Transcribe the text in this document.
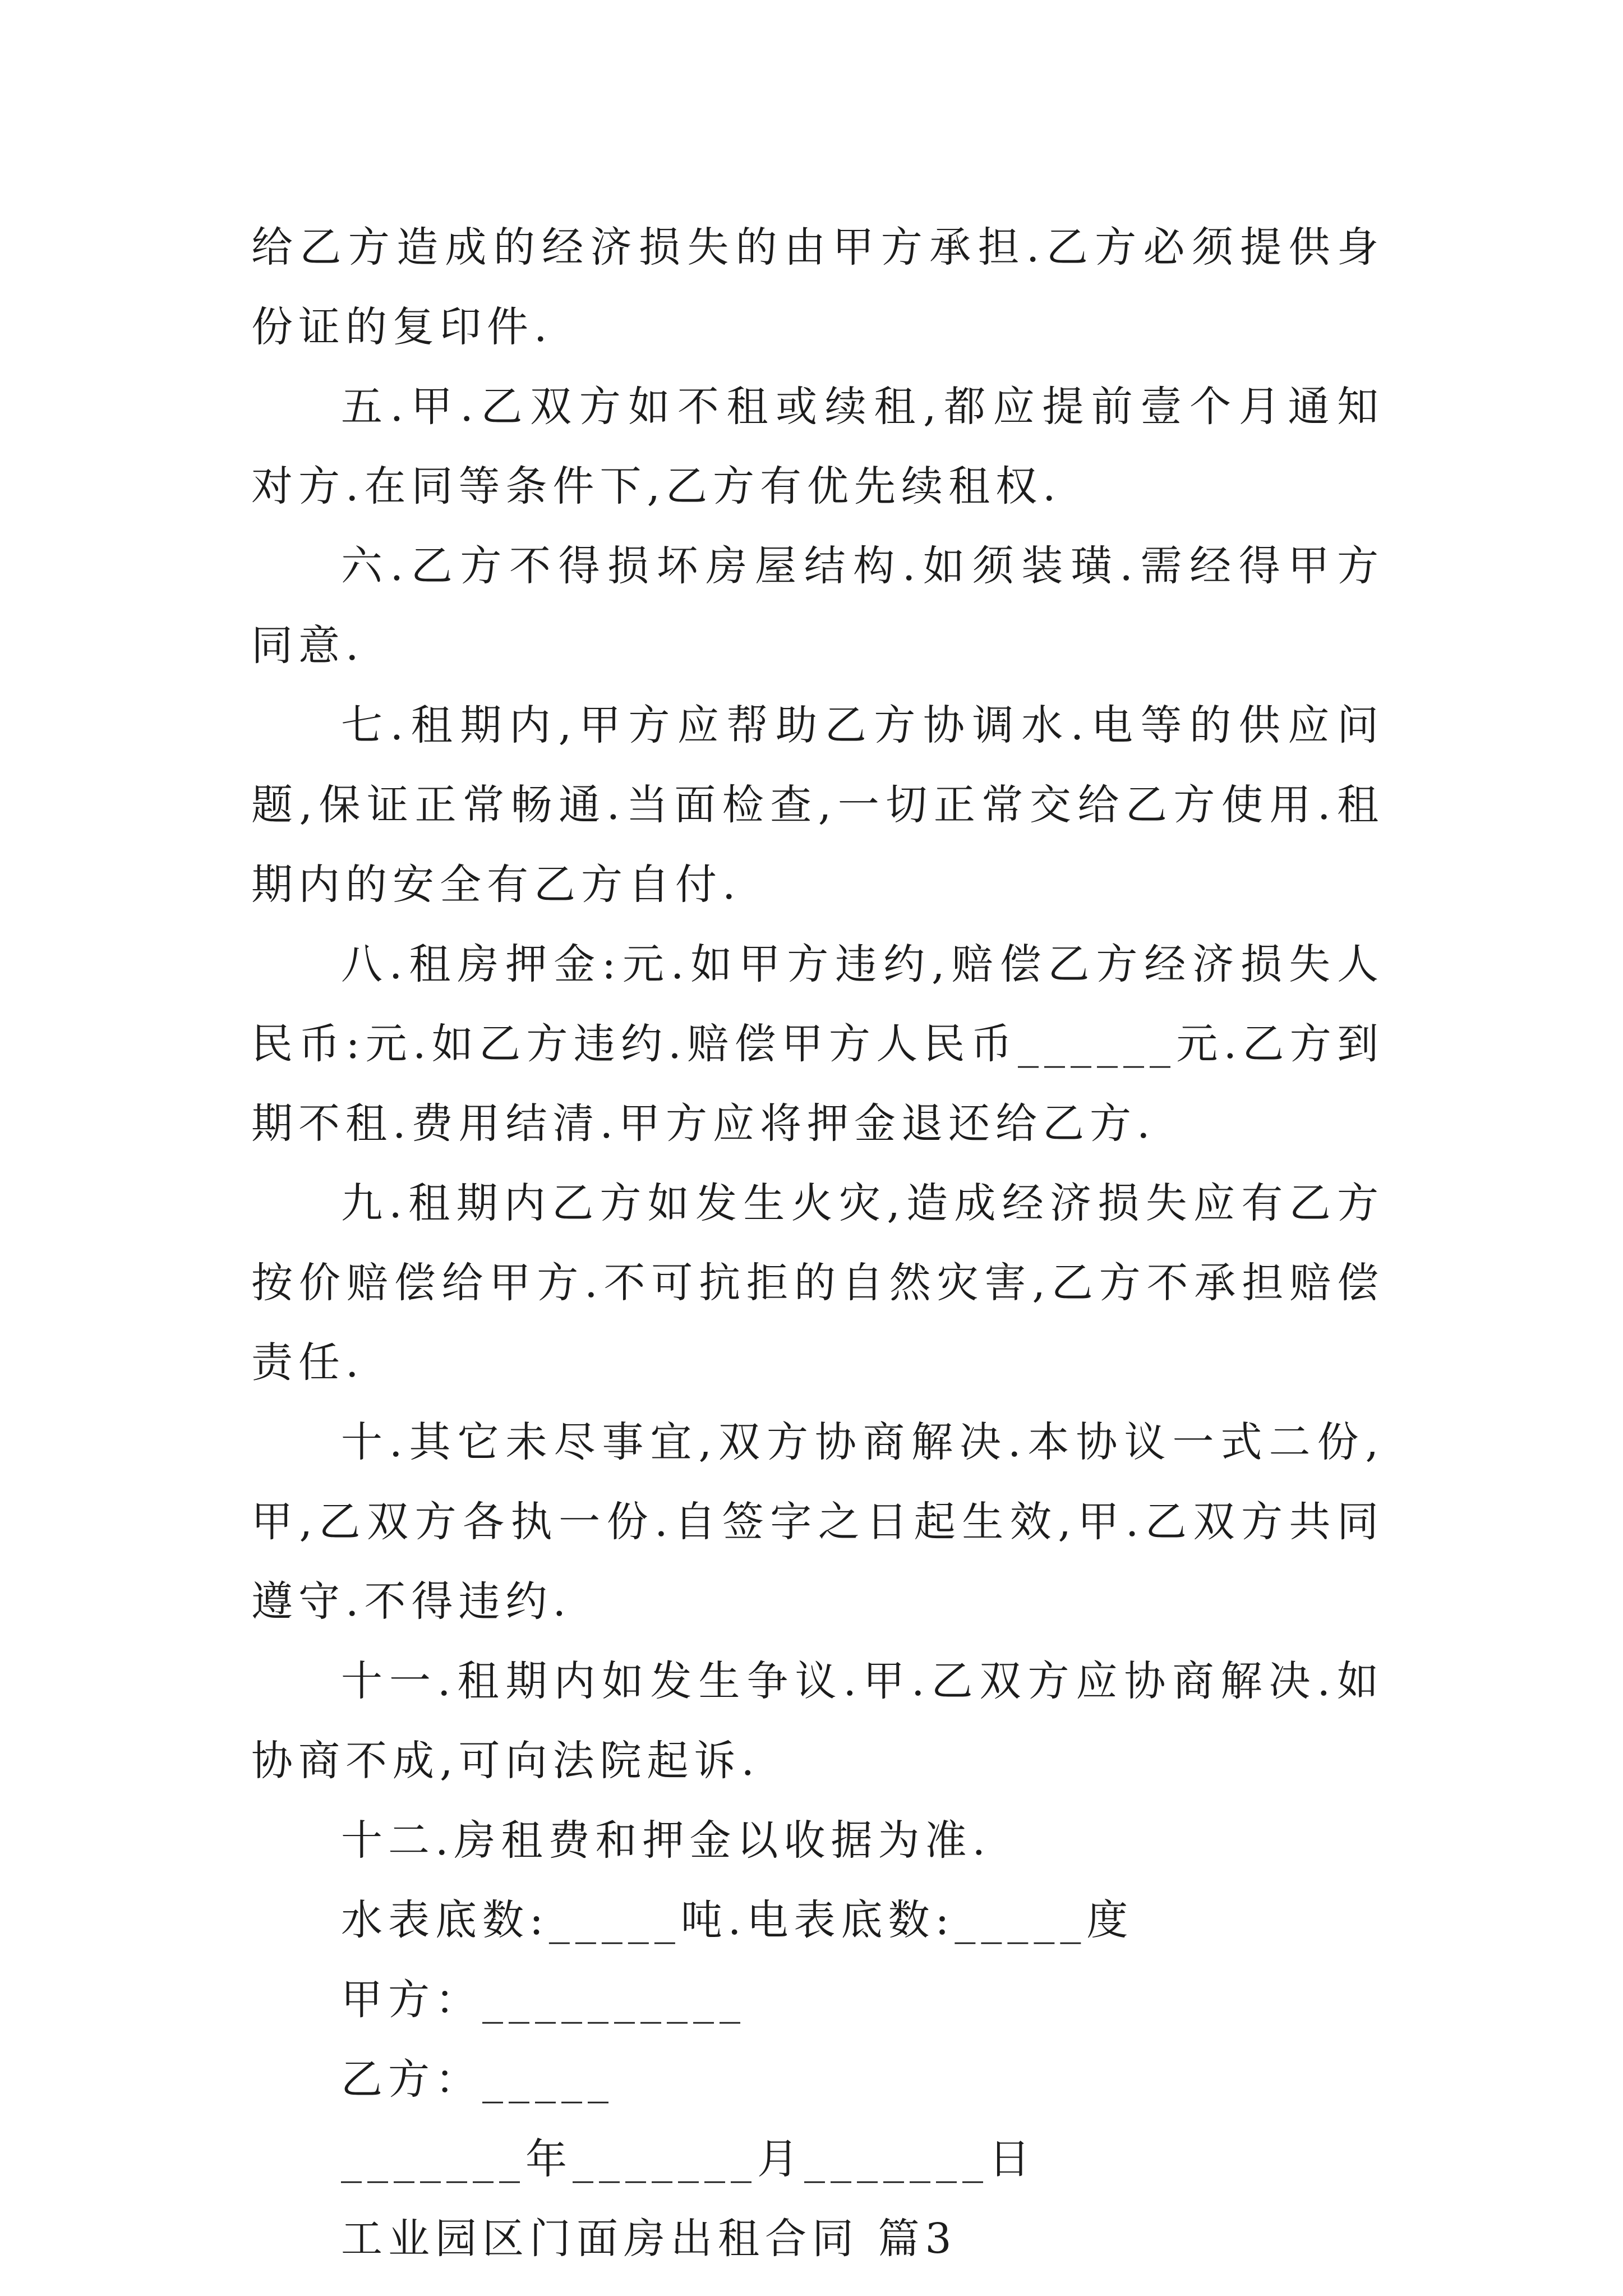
给乙方造成的经济损失的由甲方承担.乙方必须提供身份证的复印件.

五.甲.乙双方如不租或续租,都应提前壹个月通知对方.在同等条件下,乙方有优先续租权.

六.乙方不得损坏房屋结构.如须装璜.需经得甲方同意.

七.租期内,甲方应帮助乙方协调水.电等的供应问题,保证正常畅通.当面检查,一切正常交给乙方使用.租期内的安全有乙方自付.

八.租房押金:元.如甲方违约,赔偿乙方经济损失人民币:元.如乙方违约.赔偿甲方人民币______元.乙方到期不租.费用结清.甲方应将押金退还给乙方.

九.租期内乙方如发生火灾,造成经济损失应有乙方按价赔偿给甲方.不可抗拒的自然灾害,乙方不承担赔偿责任.

十.其它未尽事宜,双方协商解决.本协议一式二份,甲,乙双方各执一份.自签字之日起生效,甲.乙双方共同遵守.不得违约.

十一.租期内如发生争议.甲.乙双方应协商解决.如协商不成,可向法院起诉.

十二.房租费和押金以收据为准.

水表底数:_____吨.电表底数:_____度

甲方：__________

乙方：_____

_______年_______月_______日

工业园区门面房出租合同 篇3
